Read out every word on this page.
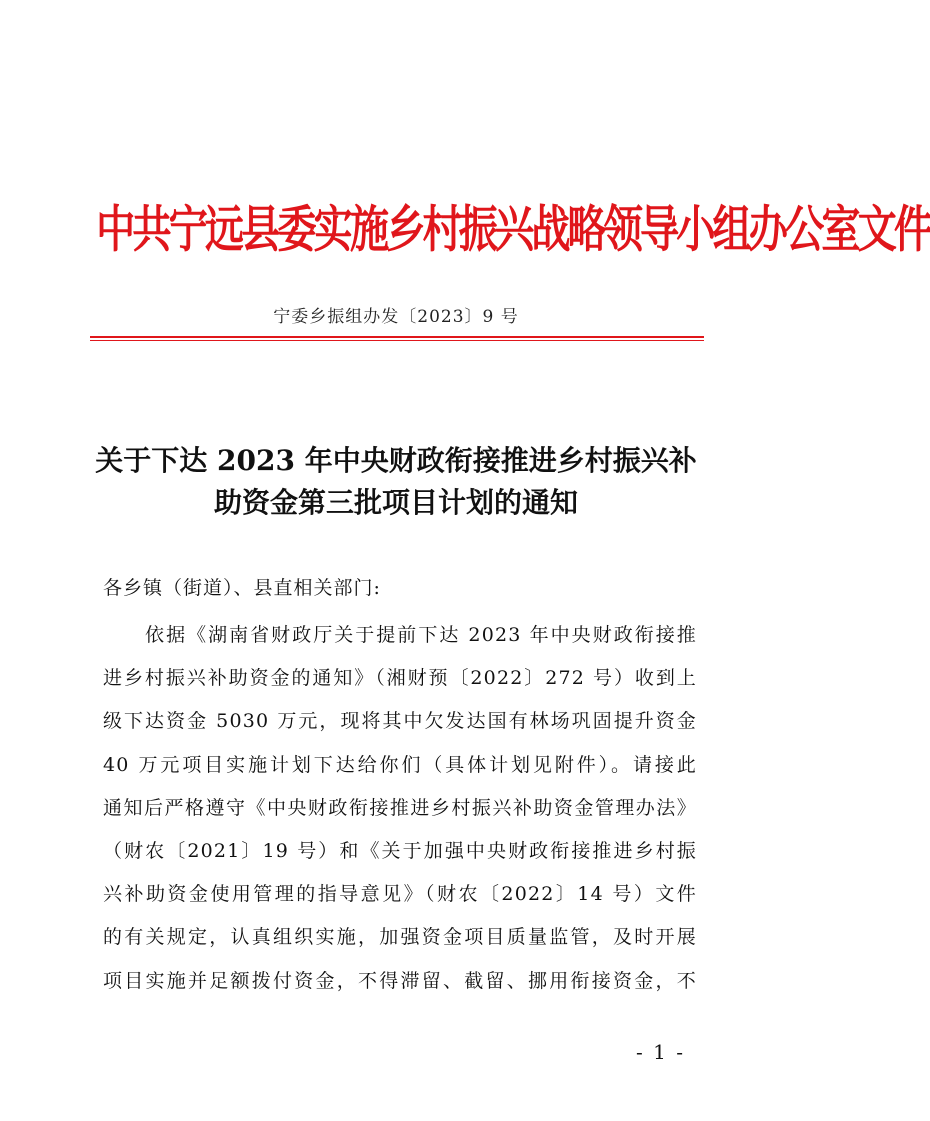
中共宁远县委实施乡村振兴战略领导小组办公室文件
宁委乡振组办发〔2023〕9 号
关于下达 2023 年中央财政衔接推进乡村振兴补
助资金第三批项目计划的通知
各乡镇（街道）、县直相关部门:
　　依据《湖南省财政厅关于提前下达 2023 年中央财政衔接推
进乡村振兴补助资金的通知》（湘财预〔2022〕272 号）收到上
级下达资金 5030 万元，现将其中欠发达国有林场巩固提升资金
40 万元项目实施计划下达给你们（具体计划见附件）。请接此
通知后严格遵守《中央财政衔接推进乡村振兴补助资金管理办法》
（财农〔2021〕19 号）和《关于加强中央财政衔接推进乡村振
兴补助资金使用管理的指导意见》（财农〔2022〕14 号）文件
的有关规定，认真组织实施，加强资金项目质量监管，及时开展
项目实施并足额拨付资金，不得滞留、截留、挪用衔接资金，不
- 1 -
